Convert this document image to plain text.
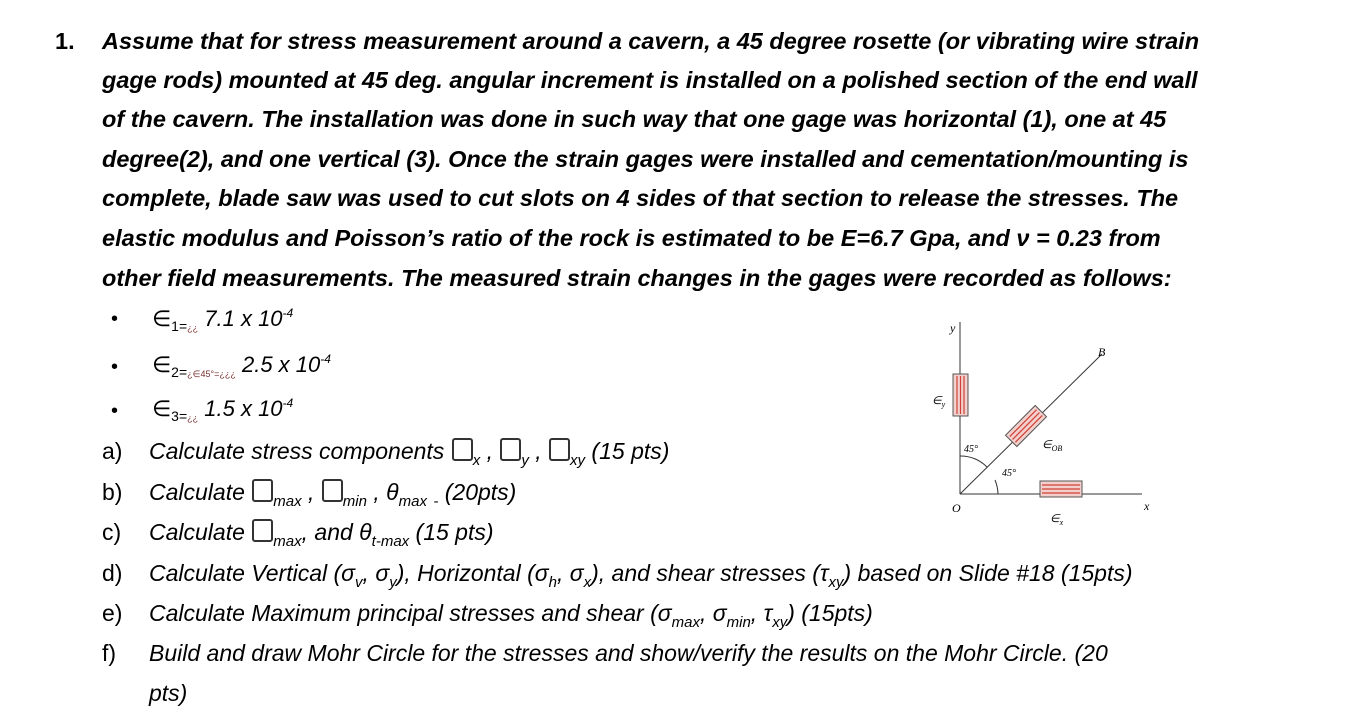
1. Assume that for stress measurement around a cavern, a 45 degree rosette (or vibrating wire strain
gage rods) mounted at 45 deg. angular increment is installed on a polished section of the end wall
of the cavern. The installation was done in such way that one gage was horizontal (1), one at 45
degree(2), and one vertical (3). Once the strain gages were installed and cementation/mounting is
complete, blade saw was used to cut slots on 4 sides of that section to release the stresses. The
elastic modulus and Poisson’s ratio of the rock is estimated to be E=6.7 Gpa, and ν = 0.23 from
other field measurements. The measured strain changes in the gages were recorded as follows:
• $\in_{1=¿¿}$ 7.1 x $10^{-4}$
• $\in_{2=¿\in 45^\circ=¿¿¿}$ 2.5 x $10^{-4}$
• $\in_{3=¿¿}$ 1.5 x $10^{-4}$
a) Calculate stress components $_x$ , $_y$ , $_{xy}$ (15 pts)
b) Calculate $_{max}$ , $_{min}$ , $\theta_{max}$ $_-$ (20pts)
c) Calculate $_{max}$, and $\theta_{t-max}$ (15 pts)
d) Calculate Vertical ($\sigma_v$, $\sigma_y$), Horizontal ($\sigma_h$, $\sigma_x$), and shear stresses $(\tau_{xy})$ based on Slide #18 (15pts)
e) Calculate Maximum principal stresses and shear ($\sigma_{max}$, $\sigma_{min}$, $\tau_{xy}$) (15pts)
f) Build and draw Mohr Circle for the stresses and show/verify the results on the Mohr Circle. (20
pts)
y
x
O
B
$\in_y$
$\in_{OB}$
$\in_x$
45°
45°
